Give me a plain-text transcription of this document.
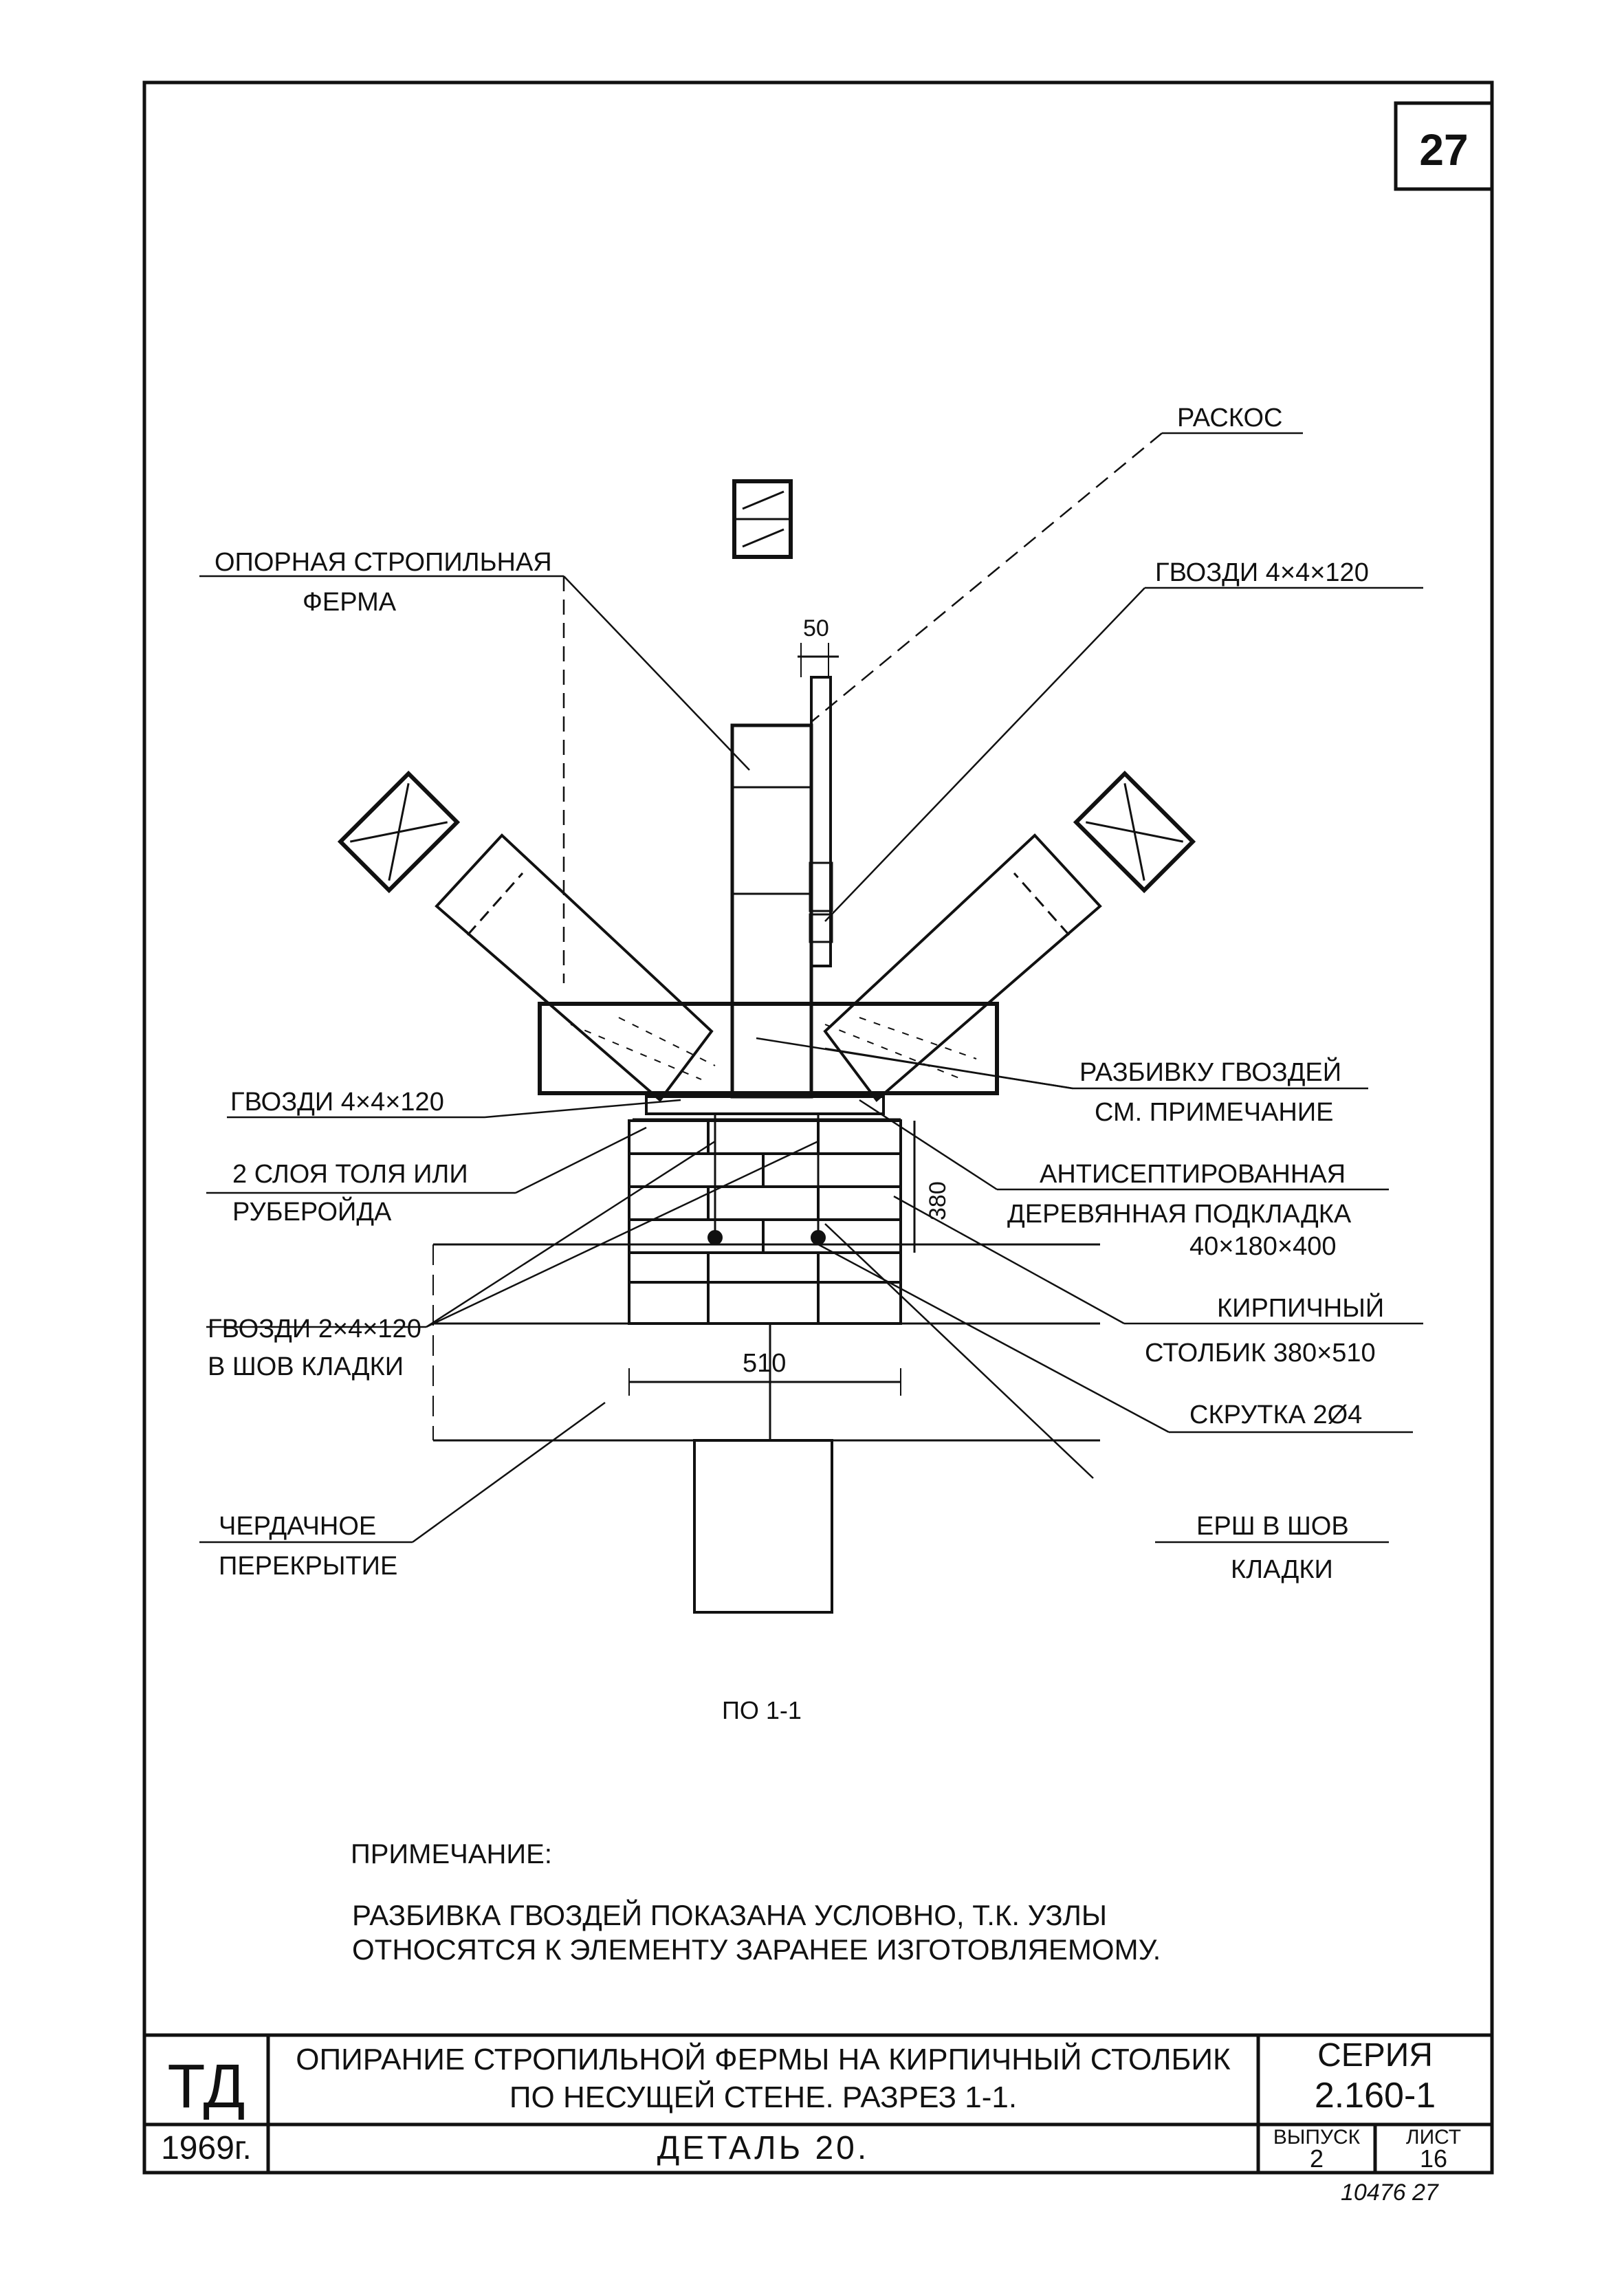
27
РАСКОС
ОПОРНАЯ СТРОПИЛЬНАЯ
ФЕРМА
ГВОЗДИ 4×4×120
РАЗБИВКУ ГВОЗДЕЙ
СМ. ПРИМЕЧАНИЕ
ГВОЗДИ 4×4×120
2 СЛОЯ ТОЛЯ ИЛИ
РУБЕРОЙДА
АНТИСЕПТИРОВАННАЯ
ДЕРЕВЯННАЯ ПОДКЛАДКА
40×180×400
КИРПИЧНЫЙ
СТОЛБИК 380×510
ГВОЗДИ 2×4×120
В ШОВ КЛАДКИ
СКРУТКА 2Ø4
ЧЕРДАЧНОЕ
ПЕРЕКРЫТИЕ
ЕРШ В ШОВ
КЛАДКИ
50
380
510
ПО 1-1
ПРИМЕЧАНИЕ:
РАЗБИВКА ГВОЗДЕЙ ПОКАЗАНА УСЛОВНО, Т.К. УЗЛЫ
ОТНОСЯТСЯ К ЭЛЕМЕНТУ ЗАРАНЕЕ ИЗГОТОВЛЯЕМОМУ.
ТД
1969г.
ОПИРАНИЕ СТРОПИЛЬНОЙ ФЕРМЫ НА КИРПИЧНЫЙ СТОЛБИК
ПО НЕСУЩЕЙ СТЕНЕ. РАЗРЕЗ 1-1.
ДЕТАЛЬ 20.
СЕРИЯ
2.160-1
ВЫПУСК
2
ЛИСТ
16
10476 27
